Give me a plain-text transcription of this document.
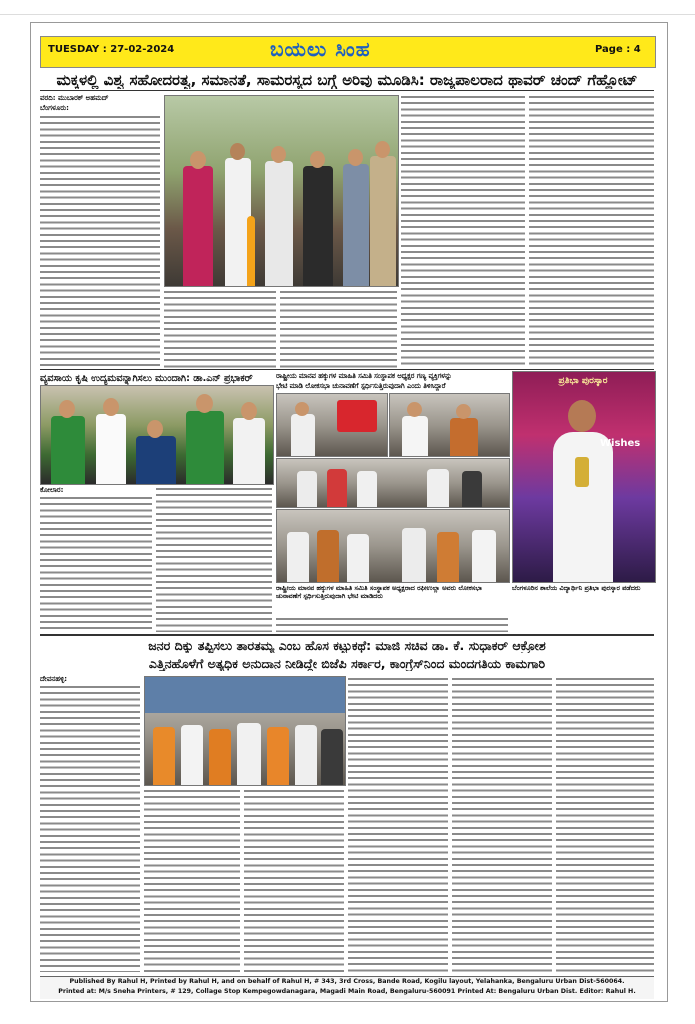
TUESDAY : 27-02-2024	ಬಯಲು ಸಿಂಹ	Page : 4
ಮಕ್ಕಳಲ್ಲಿ ವಿಶ್ವ ಸಹೋದರತ್ವ, ಸಮಾನತೆ, ಸಾಮರಸ್ಯದ ಬಗ್ಗೆ ಅರಿವು ಮೂಡಿಸಿ: ರಾಜ್ಯಪಾಲರಾದ ಥಾವರ್ ಚಂದ್ ಗೆಹ್ಲೋಟ್
ವರದಿ: ಮುಬಾರಕ್ ಅಹಮದ್
ಬೆಂಗಳೂರು:
ವ್ಯವಸಾಯ ಕೃಷಿ ಉದ್ಯಮವನ್ನಾಗಿಸಲು ಮುಂದಾಗಿ: ಡಾ.ಎನ್ ಪ್ರಭಾಕರ್
ಕೋಲಾರ:
ರಾಷ್ಟ್ರೀಯ ಮಾನವ ಹಕ್ಕುಗಳ ಮಾಹಿತಿ ಸಮಿತಿ ಸಂಸ್ಥಾಪಕ ಅಧ್ಯಕ್ಷರ ಗಣ್ಯ ವ್ಯಕ್ತಿಗಳನ್ನು
ಭೇಟಿ ಮಾಡಿ ಲೋಕಸಭಾ ಚುನಾವಣೆಗೆ ಸ್ಪರ್ಧಿಸುತ್ತಿರುವುದಾಗಿ ಎಂದು ತಿಳಿಸಿದ್ದಾರೆ
ರಾಷ್ಟ್ರೀಯ ಮಾನವ ಹಕ್ಕುಗಳ ಮಾಹಿತಿ ಸಮಿತಿ ಸಂಸ್ಥಾಪಕ ಅಧ್ಯಕ್ಷರಾದ ರಫೀಉಲ್ಲಾ ಅವರು ಲೋಕಸಭಾ ಚುನಾವಣೆಗೆ ಸ್ಪರ್ಧಿಸುತ್ತಿರುವುದಾಗಿ ಭೇಟಿ ಮಾಡಿದರು
ಪ್ರತಿಭಾ ಪುರಸ್ಕಾರ
Wishes
ಬೆಂಗಳೂರಿನ ಶಾಲೆಯ ವಿದ್ಯಾರ್ಥಿನಿ ಪ್ರತಿಭಾ ಪುರಸ್ಕಾರ ಪಡೆದರು
ಜನರ ದಿಕ್ಕು ತಪ್ಪಿಸಲು ತಾರತಮ್ಯ ಎಂಬ ಹೊಸ ಕಟ್ಟುಕಥೆ: ಮಾಜಿ ಸಚಿವ ಡಾ. ಕೆ. ಸುಧಾಕರ್ ಆಕ್ರೋಶ
ಎತ್ತಿನಹೊಳೆಗೆ ಅತ್ಯಧಿಕ ಅನುದಾನ ನೀಡಿದ್ದೇ ಬಿಜೆಪಿ ಸರ್ಕಾರ, ಕಾಂಗ್ರೆಸ್‌ನಿಂದ ಮಂದಗತಿಯ ಕಾಮಗಾರಿ
ದೇವನಹಳ್ಳಿ:
Published By Rahul H, Printed by Rahul H, and on behalf of Rahul H, # 343, 3rd Cross, Bande Road, Kogilu layout, Yelahanka, Bengaluru Urban Dist-560064.
Printed at: M/s Sneha Printers, # 129, Collage Stop Kempegowdanagara, Magadi Main Road, Bengaluru-560091 Printed At: Bengaluru Urban Dist. Editor: Rahul H.
